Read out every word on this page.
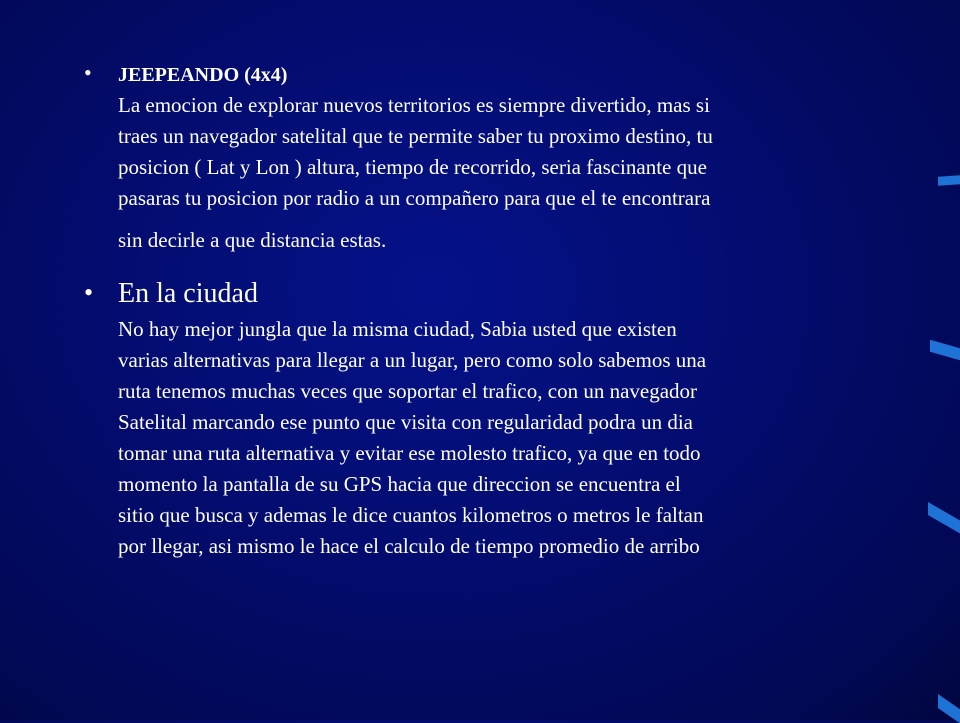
• JEEPEANDO (4x4)
La emocion de explorar nuevos territorios es siempre divertido, mas si
traes un navegador satelital que te permite saber tu proximo destino, tu
posicion ( Lat y Lon ) altura, tiempo de recorrido, seria fascinante que
pasaras tu posicion por radio a un compañero para que el te encontrara
sin decirle a que distancia estas.
• En la ciudad
No hay mejor jungla que la misma ciudad, Sabia usted que existen
varias alternativas para llegar a un lugar, pero como solo sabemos una
ruta tenemos muchas veces que soportar el trafico, con un navegador
Satelital marcando ese punto que visita con regularidad podra un dia
tomar una ruta alternativa y evitar ese molesto trafico, ya que en todo
momento la pantalla de su GPS hacia que direccion se encuentra el
sitio que busca y ademas le dice cuantos kilometros o metros le faltan
por llegar, asi mismo le hace el calculo de tiempo promedio de arribo
